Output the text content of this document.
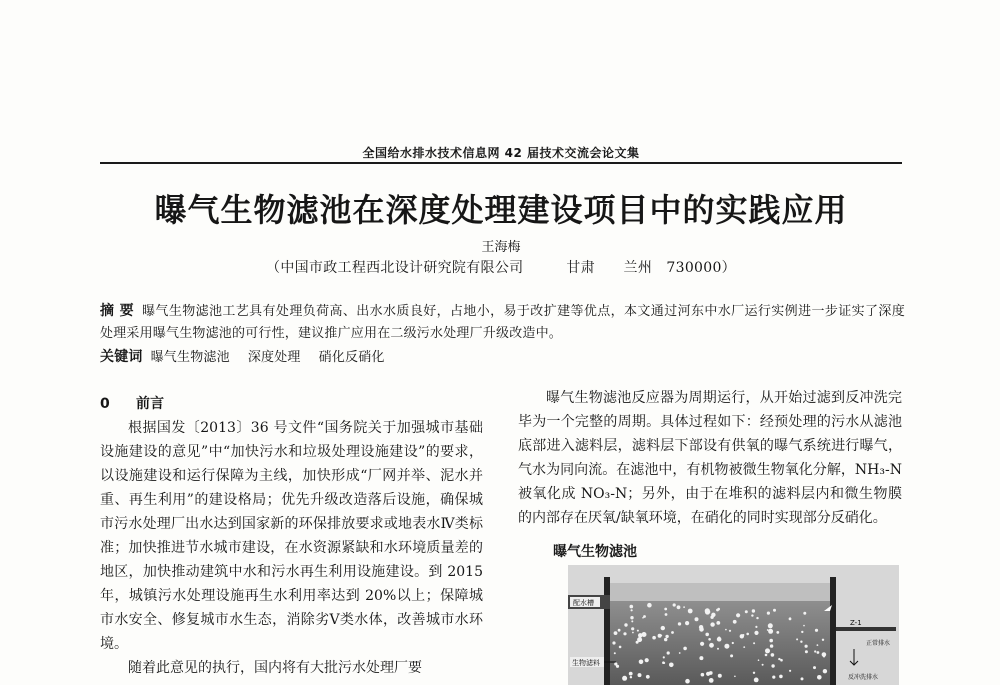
全国给水排水技术信息网 42 届技术交流会论文集
曝气生物滤池在深度处理建设项目中的实践应用
王海梅
（中国市政工程西北设计研究院有限公司　　　甘肃　　兰州　730000）
摘 要 曝气生物滤池工艺具有处理负荷高、出水水质良好，占地小，易于改扩建等优点，本文通过河东中水厂运行实例进一步证实了深度处理采用曝气生物滤池的可行性，建议推广应用在二级污水处理厂升级改造中。
关键词 曝气生物滤池 深度处理 硝化反硝化
0 前言

根据国发〔2013〕36 号文件“国务院关于加强城市基础设施建设的意见”中“加快污水和垃圾处理设施建设”的要求，以设施建设和运行保障为主线，加快形成“厂网并举、泥水并重、再生利用”的建设格局；优先升级改造落后设施，确保城市污水处理厂出水达到国家新的环保排放要求或地表水Ⅳ类标准；加快推进节水城市建设，在水资源紧缺和水环境质量差的地区，加快推动建筑中水和污水再生利用设施建设。到 2015 年，城镇污水处理设施再生水利用率达到 20%以上；保障城市水安全、修复城市水生态，消除劣Ⅴ类水体，改善城市水环境。

随着此意见的执行，国内将有大批污水处理厂要

曝气生物滤池反应器为周期运行，从开始过滤到反冲洗完毕为一个完整的周期。具体过程如下：经预处理的污水从滤池底部进入滤料层，滤料层下部设有供氧的曝气系统进行曝气，气水为同向流。在滤池中，有机物被微生物氧化分解，NH₃-N 被氧化成 NO₃-N；另外，由于在堆积的滤料层内和微生物膜的内部存在厌氧/缺氧环境，在硝化的同时实现部分反硝化。

曝气生物滤池
配水槽
生物滤料
Z-1
正常排水
反冲洗排水
